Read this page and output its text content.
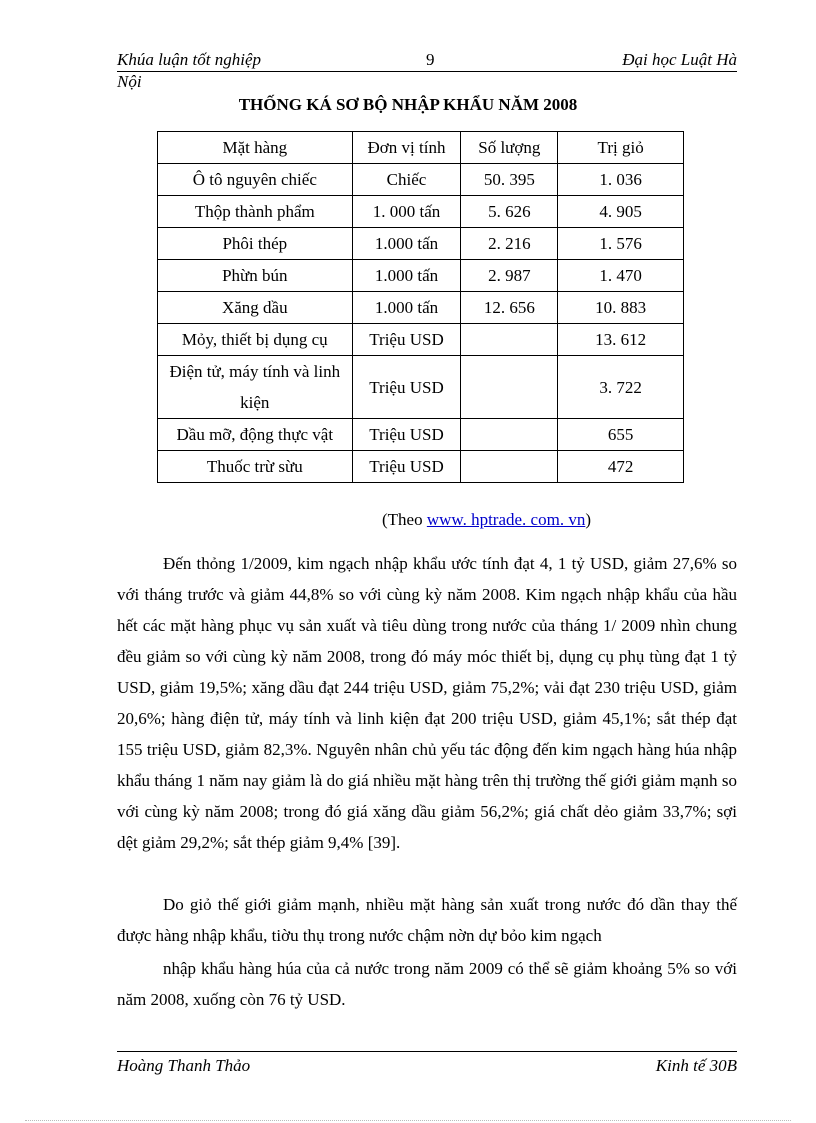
Khúa luận tốt nghiệp	9	Đại học Luật Hà
Nội
THỐNG KÁ SƠ BỘ NHẬP KHẨU NĂM 2008
Mặt hàng	Đơn vị tính	Số lượng	Trị giỏ
Ô tô nguyên chiếc	Chiếc	50. 395	1. 036
Thộp thành phẩm	1. 000 tấn	5. 626	4. 905
Phôi thép	1.000 tấn	2. 216	1. 576
Phừn bún	1.000 tấn	2. 987	1. 470
Xăng dầu	1.000 tấn	12. 656	10. 883
Mỏy, thiết bị dụng cụ	Triệu USD		13. 612
Điện tử, máy tính và linh kiện	Triệu USD		3. 722
Dầu mỡ, động thực vật	Triệu USD		655
Thuốc trừ sừu	Triệu USD		472
(Theo www. hptrade. com. vn)
Đến thỏng 1/2009, kim ngạch nhập khẩu ước tính đạt 4, 1 tỷ USD, giảm 27,6% so với tháng trước và giảm 44,8% so với cùng kỳ năm 2008. Kim ngạch nhập khẩu của hầu hết các mặt hàng phục vụ sản xuất và tiêu dùng trong nước của tháng 1/ 2009 nhìn chung đều giảm so với cùng kỳ năm 2008, trong đó máy móc thiết bị, dụng cụ phụ tùng đạt 1 tỷ USD, giảm 19,5%; xăng dầu đạt 244 triệu USD, giảm 75,2%; vải đạt 230 triệu USD, giảm 20,6%; hàng điện tử, máy tính và linh kiện đạt 200 triệu USD, giảm 45,1%; sắt thép đạt 155 triệu USD, giảm 82,3%. Nguyên nhân chủ yếu tác động đến kim ngạch hàng húa nhập khẩu tháng 1 năm nay giảm là do giá nhiều mặt hàng trên thị trường thế giới giảm mạnh so với cùng kỳ năm 2008; trong đó giá xăng dầu giảm 56,2%; giá chất dẻo giảm 33,7%; sợi dệt giảm 29,2%; sắt thép giảm 9,4% [39].
Do giỏ thế giới giảm mạnh, nhiều mặt hàng sản xuất trong nước đó dần thay thế được hàng nhập khẩu, tiờu thụ trong nước chậm nờn dự bỏo kim ngạch
nhập khẩu hàng húa của cả nước trong năm 2009 có thể sẽ giảm khoảng 5% so với năm 2008, xuống còn 76 tỷ USD.
Hoàng Thanh Thảo	Kinh tế 30B
